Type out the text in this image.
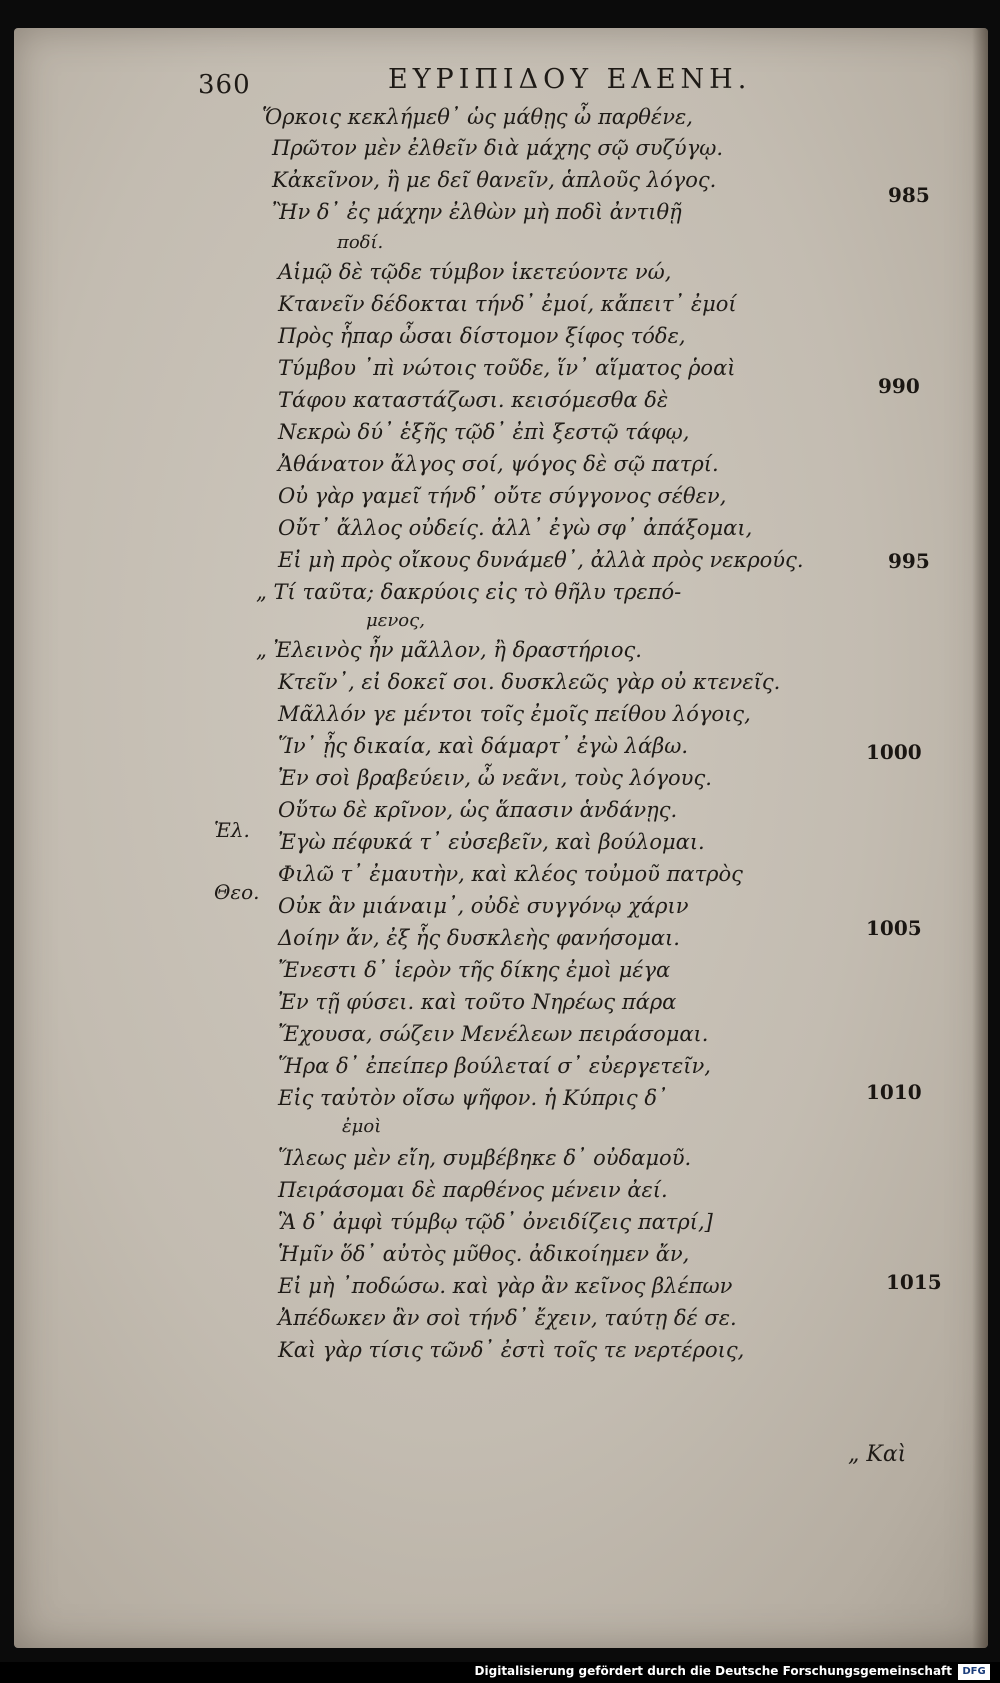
360	ΕΥΡΙΠΙΔΟΥ ΕΛΕΝΗ.
Ὅρκοις κεκλήμεθ᾽ ὡς μάθῃς ὦ παρθένε,
Πρῶτον μὲν ἐλθεῖν διὰ μάχης σῷ συζύγῳ.
Κἀκεῖνον, ἢ με δεῖ θανεῖν, ἁπλοῦς λόγος.
Ἢν δ᾽ ἐς μάχην ἐλθὼν μὴ ποδὶ ἀντιθῇ
ποδί.
Αἱμῷ δὲ τῷδε τύμβον ἱκετεύοντε νώ,
Κτανεῖν δέδοκται τήνδ᾽ ἐμοί, κἄπειτ᾽ ἐμοί
Πρὸς ἧπαρ ὦσαι δίστομον ξίφος τόδε,
Τύμβου ᾽πὶ νώτοις τοῦδε, ἵν᾽ αἵματος ῥοαὶ
Τάφου καταστάζωσι. κεισόμεσθα δὲ
Νεκρὼ δύ᾽ ἑξῆς τῷδ᾽ ἐπὶ ξεστῷ τάφῳ,
Ἀθάνατον ἄλγος σοί, ψόγος δὲ σῷ πατρί.
Οὐ γὰρ γαμεῖ τήνδ᾽ οὔτε σύγγονος σέθεν,
Οὔτ᾽ ἄλλος οὐδείς. ἀλλ᾽ ἐγὼ σφ᾽ ἀπάξομαι,
Εἰ μὴ πρὸς οἴκους δυνάμεθ᾽, ἀλλὰ πρὸς νεκρούς.
„ Τί ταῦτα; δακρύοις εἰς τὸ θῆλυ τρεπό-
μενος,
„ Ἐλεινὸς ἦν μᾶλλον, ἢ δραστήριος.
Κτεῖν᾽, εἰ δοκεῖ σοι. δυσκλεῶς γὰρ οὐ κτενεῖς.
Μᾶλλόν γε μέντοι τοῖς ἐμοῖς πείθου λόγοις,
Ἵν᾽ ᾖς δικαία, καὶ δάμαρτ᾽ ἐγὼ λάβω.
Ἐν σοὶ βραβεύειν, ὦ νεᾶνι, τοὺς λόγους.
Οὕτω δὲ κρῖνον, ὡς ἅπασιν ἁνδάνῃς.
Ἐγὼ πέφυκά τ᾽ εὐσεβεῖν, καὶ βούλομαι.
Φιλῶ τ᾽ ἐμαυτὴν, καὶ κλέος τοὐμοῦ πατρὸς
Οὐκ ἂν μιάναιμ᾽, οὐδὲ συγγόνῳ χάριν
Δοίην ἄν, ἐξ ἧς δυσκλεὴς φανήσομαι.
Ἔνεστι δ᾽ ἱερὸν τῆς δίκης ἐμοὶ μέγα
Ἐν τῇ φύσει. καὶ τοῦτο Νηρέως πάρα
Ἔχουσα, σώζειν Μενέλεων πειράσομαι.
Ἥρα δ᾽ ἐπείπερ βούλεταί σ᾽ εὐεργετεῖν,
Εἰς ταὐτὸν οἴσω ψῆφον. ἡ Κύπρις δ᾽
ἐμοὶ
Ἵλεως μὲν εἴη, συμβέβηκε δ᾽ οὐδαμοῦ.
Πειράσομαι δὲ παρθένος μένειν ἀεί.
Ἃ δ᾽ ἀμφὶ τύμβῳ τῷδ᾽ ὀνειδίζεις πατρί,]
Ἡμῖν ὅδ᾽ αὐτὸς μῦθος. ἀδικοίημεν ἄν,
Εἰ μὴ ᾽ποδώσω. καὶ γὰρ ἂν κεῖνος βλέπων
Ἀπέδωκεν ἂν σοὶ τήνδ᾽ ἔχειν, ταύτῃ δέ σε.
Καὶ γὰρ τίσις τῶνδ᾽ ἐστὶ τοῖς τε νερτέροις,
Ἑλ.
Θεο.
985
990
995
1000
1005
1010
1015
„ Καὶ
Digitalisierung gefördert durch die Deutsche Forschungsgemeinschaft	DFG
